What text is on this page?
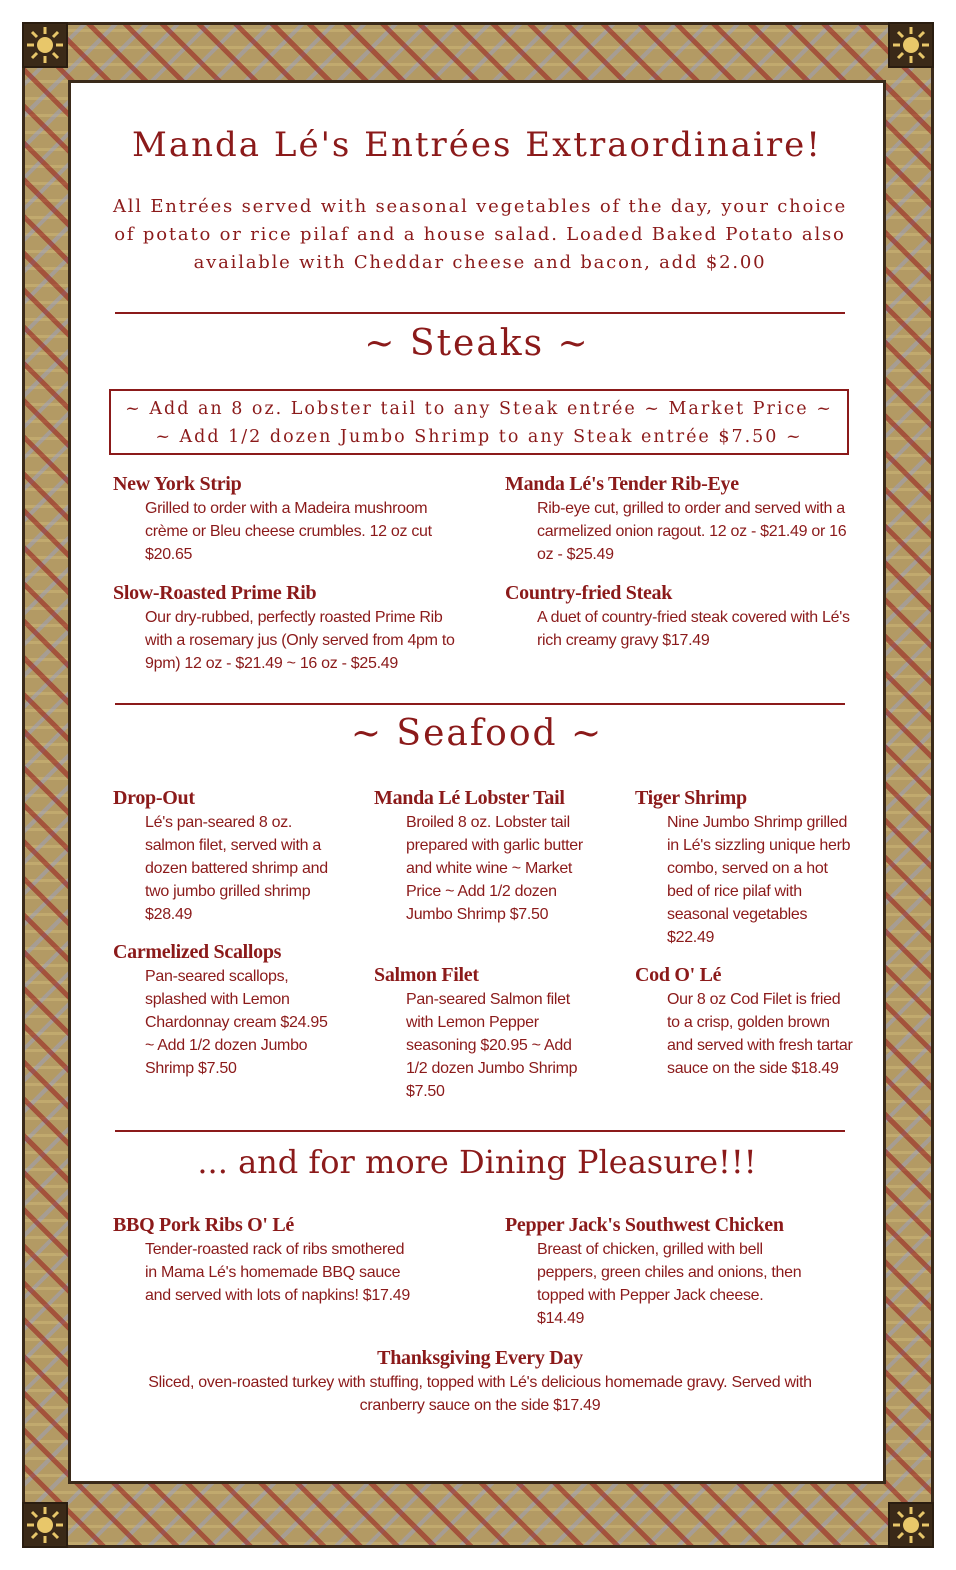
Manda Lé's Entrées Extraordinaire!
All Entrées served with seasonal vegetables of the day, your choice of potato or rice pilaf and a house salad. Loaded Baked Potato also available with Cheddar cheese and bacon, add $2.00
~ Steaks ~
~ Add an 8 oz. Lobster tail to any Steak entrée ~ Market Price ~
~ Add 1/2 dozen Jumbo Shrimp to any Steak entrée $7.50 ~
New York Strip
Grilled to order with a Madeira mushroom crème or Bleu cheese crumbles. 12 oz cut $20.65
Manda Lé's Tender Rib-Eye
Rib-eye cut, grilled to order and served with a carmelized onion ragout. 12 oz - $21.49 or 16 oz - $25.49
Slow-Roasted Prime Rib
Our dry-rubbed, perfectly roasted Prime Rib with a rosemary jus (Only served from 4pm to 9pm) 12 oz - $21.49 ~ 16 oz - $25.49
Country-fried Steak
A duet of country-fried steak covered with Lé's rich creamy gravy $17.49
~ Seafood ~
Drop-Out
Lé's pan-seared 8 oz. salmon filet, served with a dozen battered shrimp and two jumbo grilled shrimp $28.49
Manda Lé Lobster Tail
Broiled 8 oz. Lobster tail prepared with garlic butter and white wine ~ Market Price ~ Add 1/2 dozen Jumbo Shrimp $7.50
Tiger Shrimp
Nine Jumbo Shrimp grilled in Lé's sizzling unique herb combo, served on a hot bed of rice pilaf with seasonal vegetables $22.49
Carmelized Scallops
Pan-seared scallops, splashed with Lemon Chardonnay cream $24.95 ~ Add 1/2 dozen Jumbo Shrimp $7.50
Salmon Filet
Pan-seared Salmon filet with Lemon Pepper seasoning $20.95 ~ Add 1/2 dozen Jumbo Shrimp $7.50
Cod O' Lé
Our 8 oz Cod Filet is fried to a crisp, golden brown and served with fresh tartar sauce on the side $18.49
... and for more Dining Pleasure!!!
BBQ Pork Ribs O' Lé
Tender-roasted rack of ribs smothered in Mama Lé's homemade BBQ sauce and served with lots of napkins! $17.49
Pepper Jack's Southwest Chicken
Breast of chicken, grilled with bell peppers, green chiles and onions, then topped with Pepper Jack cheese. $14.49
Thanksgiving Every Day
Sliced, oven-roasted turkey with stuffing, topped with Lé's delicious homemade gravy. Served with cranberry sauce on the side $17.49
